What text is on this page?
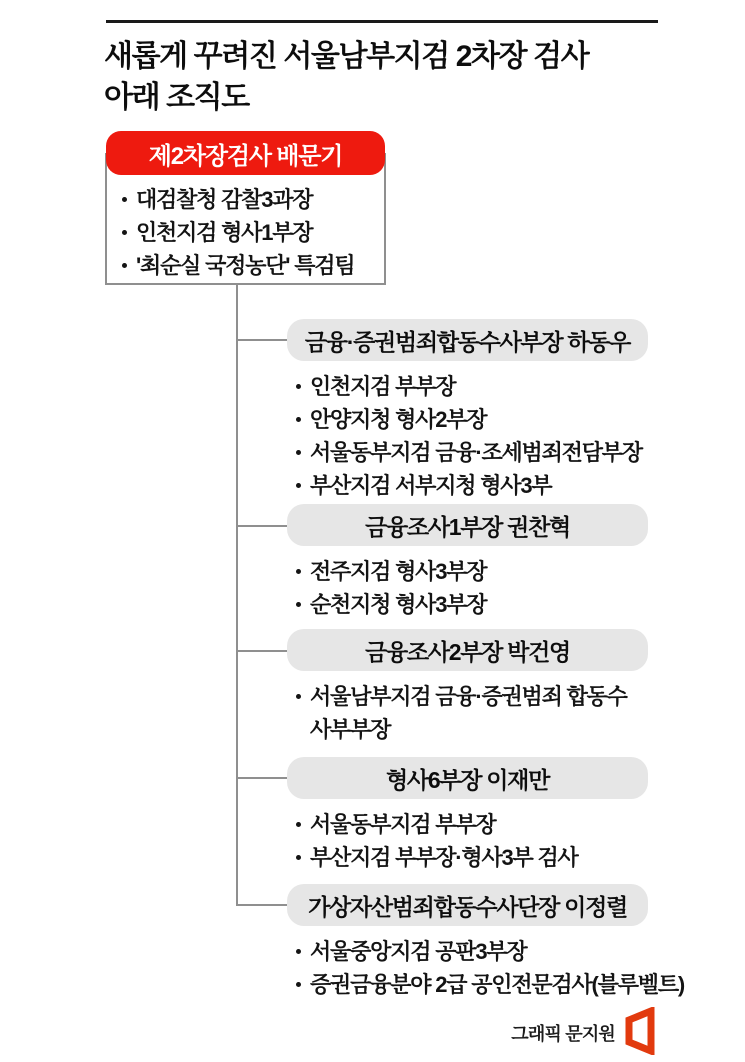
새롭게 꾸려진 서울남부지검 2차장 검사
아래 조직도
제2차장검사 배문기
대검찰청 감찰3과장
인천지검 형사1부장
'최순실 국정농단' 특검팀
금융·증권범죄합동수사부장 하동우
인천지검 부부장
안양지청 형사2부장
서울동부지검 금융·조세범죄전담부장
부산지검 서부지청 형사3부
금융조사1부장 권찬혁
전주지검 형사3부장
순천지청 형사3부장
금융조사2부장 박건영
서울남부지검 금융·증권범죄 합동수사부부장
형사6부장 이재만
서울동부지검 부부장
부산지검 부부장·형사3부 검사
가상자산범죄합동수사단장 이정렬
서울중앙지검 공판3부장
증권금융분야 2급 공인전문검사(블루벨트)
그래픽 문지원
